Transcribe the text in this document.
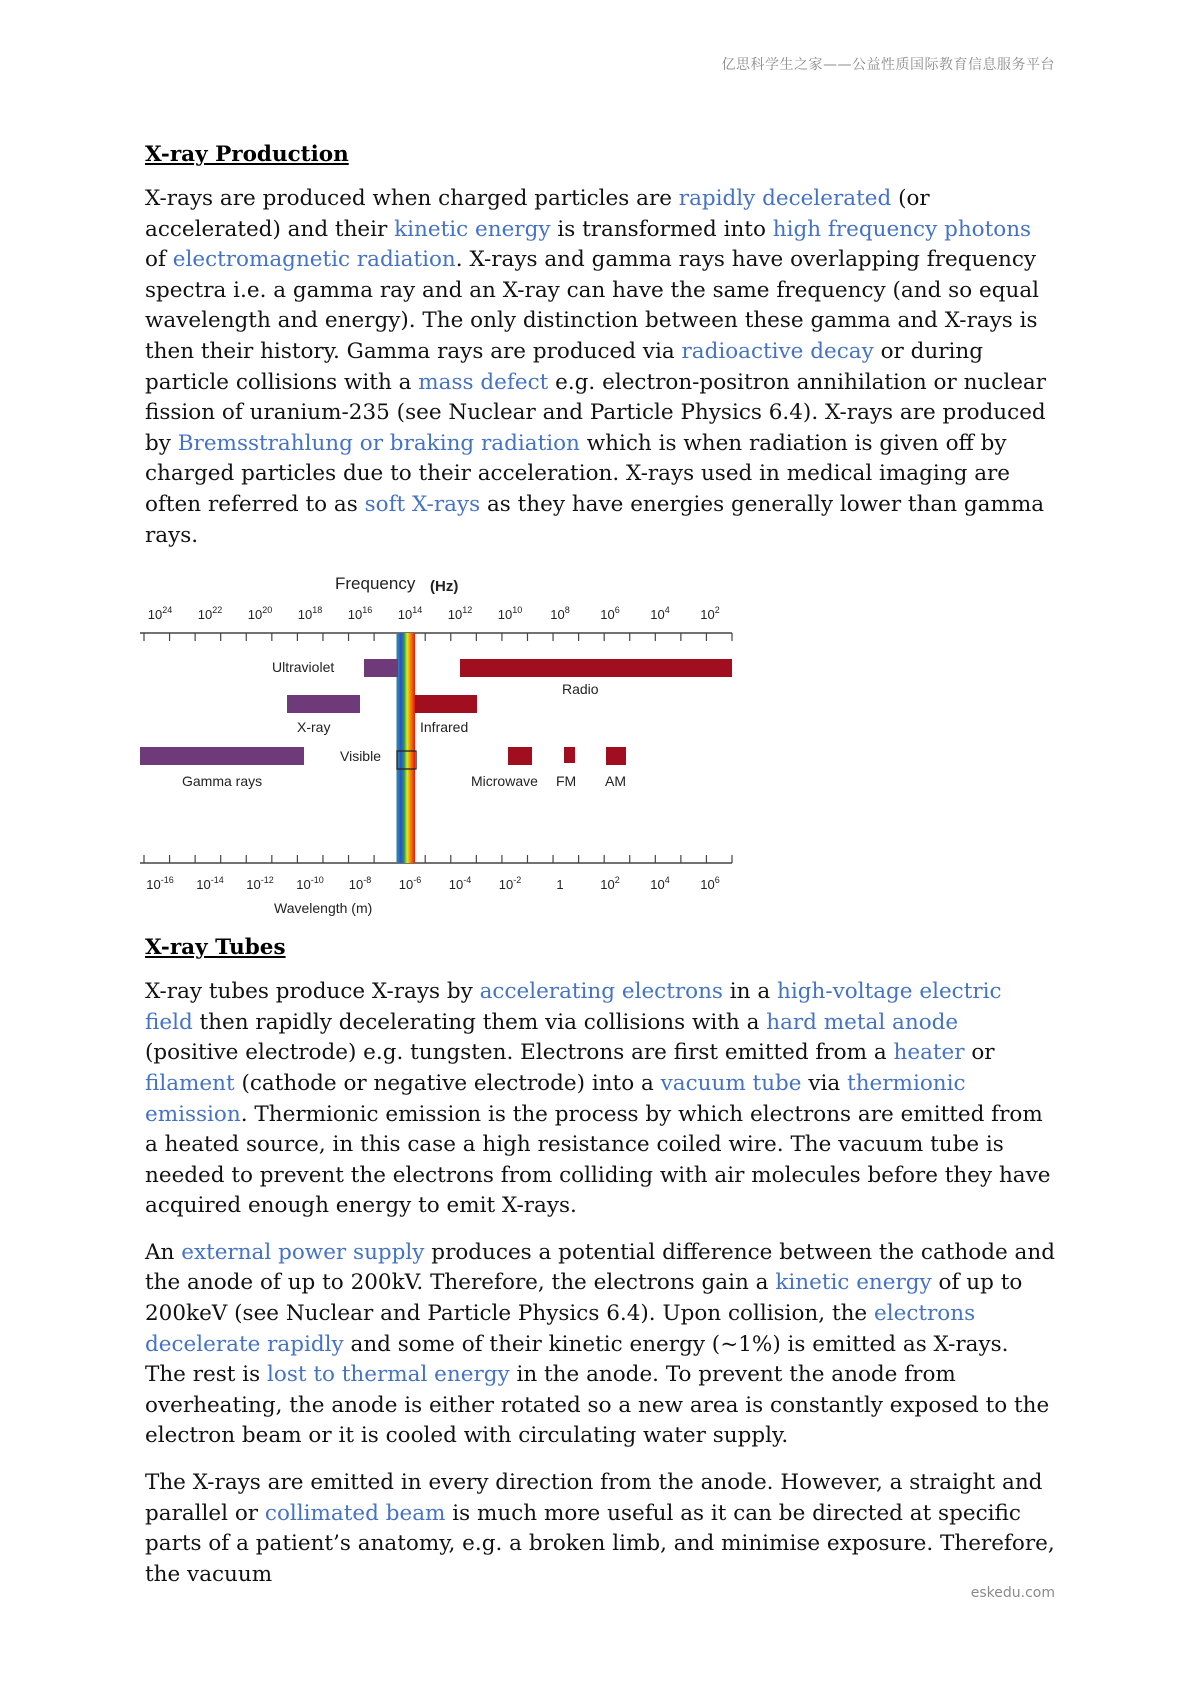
亿思科学生之家——公益性质国际教育信息服务平台
X-ray Production

X-rays are produced when charged particles are rapidly decelerated (or accelerated) and their kinetic energy is transformed into high frequency photons of electromagnetic radiation. X-rays and gamma rays have overlapping frequency spectra i.e. a gamma ray and an X-ray can have the same frequency (and so equal wavelength and energy). The only distinction between these gamma and X-rays is then their history. Gamma rays are produced via radioactive decay or during particle collisions with a mass defect e.g. electron-positron annihilation or nuclear fission of uranium-235 (see Nuclear and Particle Physics 6.4). X-rays are produced by Bremsstrahlung or braking radiation which is when radiation is given off by charged particles due to their acceleration. X-rays used in medical imaging are often referred to as soft X-rays as they have energies generally lower than gamma rays.

Frequency (Hz)
$10^{24}$ $10^{22}$ $10^{20}$ $10^{18}$ $10^{16}$ $10^{14}$ $10^{12}$ $10^{10}$ $10^8$ $10^6$ $10^4$ $10^2$
Ultraviolet
Radio
X-ray	Infrared
Visible
Gamma rays	Microwave FM AM
$10^{-16}$ $10^{-14}$ $10^{-12}$ $10^{-10}$ $10^{-8}$ $10^{-6}$ $10^{-4}$ $10^{-2}$	1	$10^2$ $10^4$ $10^6$
Wavelength (m)
X-ray Tubes

X-ray tubes produce X-rays by accelerating electrons in a high-voltage electric field then rapidly decelerating them via collisions with a hard metal anode (positive electrode) e.g. tungsten. Electrons are first emitted from a heater or filament (cathode or negative electrode) into a vacuum tube via thermionic emission. Thermionic emission is the process by which electrons are emitted from a heated source, in this case a high resistance coiled wire. The vacuum tube is needed to prevent the electrons from colliding with air molecules before they have acquired enough energy to emit X-rays.

An external power supply produces a potential difference between the cathode and the anode of up to 200kV. Therefore, the electrons gain a kinetic energy of up to 200keV (see Nuclear and Particle Physics 6.4). Upon collision, the electrons decelerate rapidly and some of their kinetic energy (~1%) is emitted as X-rays. The rest is lost to thermal energy in the anode. To prevent the anode from overheating, the anode is either rotated so a new area is constantly exposed to the electron beam or it is cooled with circulating water supply.

The X-rays are emitted in every direction from the anode. However, a straight and parallel or collimated beam is much more useful as it can be directed at specific parts of a patient’s anatomy, e.g. a broken limb, and minimise exposure. Therefore, the vacuum

eskedu.com
